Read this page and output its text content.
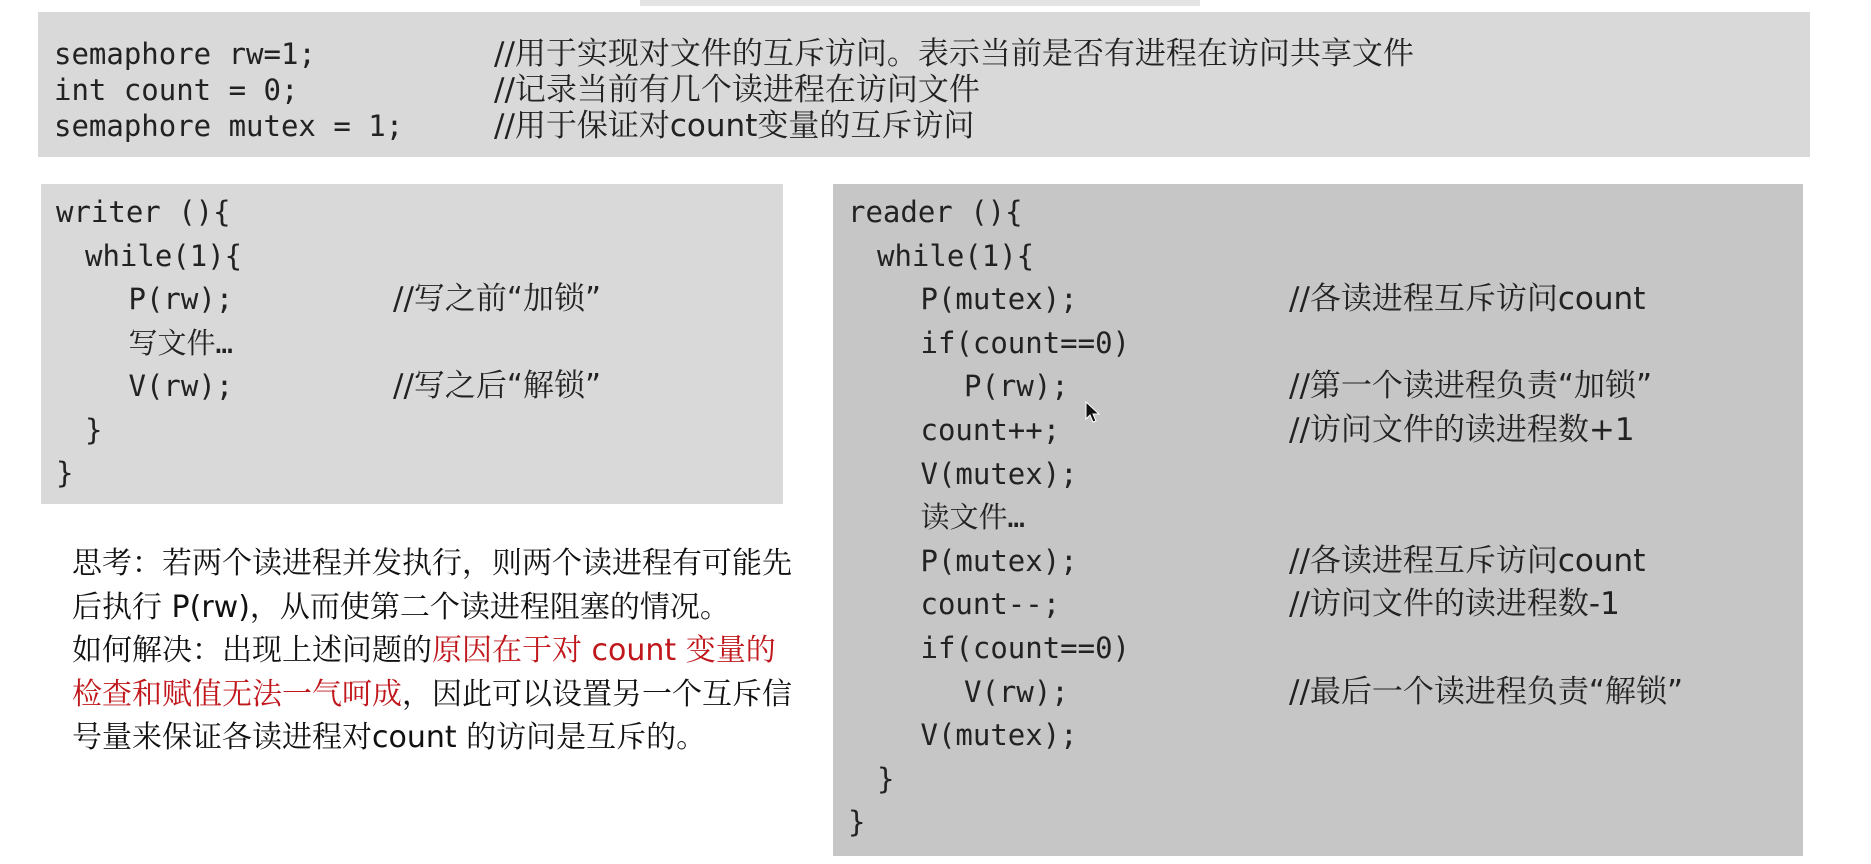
semaphore rw=1;	//用于实现对文件的互斥访问。表示当前是否有进程在访问共享文件
int count = 0;	//记录当前有几个读进程在访问文件
semaphore mutex = 1;	//用于保证对count变量的互斥访问
writer (){
while(1){
P(rw);	//写之前“加锁”
写文件…
V(rw);	//写之后“解锁”
}
}
reader (){
while(1){
P(mutex);	//各读进程互斥访问count
if(count==0)
P(rw);	//第一个读进程负责“加锁”
count++;	//访问文件的读进程数+1
V(mutex);
读文件…
P(mutex);	//各读进程互斥访问count
count--;	//访问文件的读进程数-1
if(count==0)
V(rw);	//最后一个读进程负责“解锁”
V(mutex);
}
}
思考：若两个读进程并发执行，则两个读进程有可能先后执行 P(rw)，从而使第二个读进程阻塞的情况。
如何解决：出现上述问题的原因在于对 count 变量的检查和赋值无法一气呵成，因此可以设置另一个互斥信号量来保证各读进程对count 的访问是互斥的。
